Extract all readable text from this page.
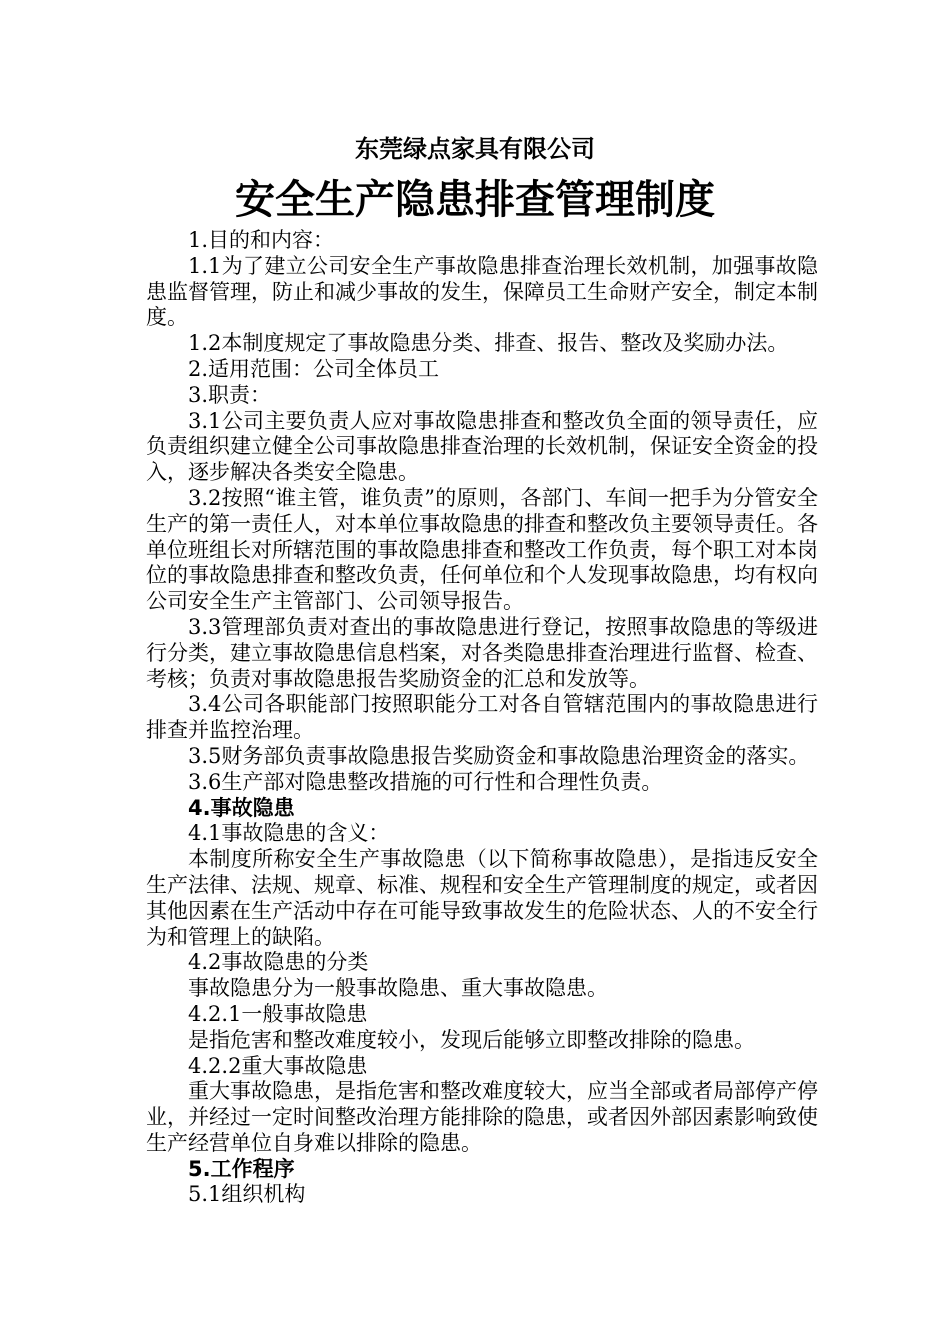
东莞绿点家具有限公司
安全生产隐患排查管理制度

1.目的和内容：

1.1为了建立公司安全生产事故隐患排查治理长效机制，加强事故隐患监督管理，防止和减少事故的发生，保障员工生命财产安全，制定本制度。

1.2本制度规定了事故隐患分类、排查、报告、整改及奖励办法。

2.适用范围：公司全体员工

3.职责：

3.1公司主要负责人应对事故隐患排查和整改负全面的领导责任，应负责组织建立健全公司事故隐患排查治理的长效机制，保证安全资金的投入，逐步解决各类安全隐患。

3.2按照“谁主管，谁负责”的原则，各部门、车间一把手为分管安全生产的第一责任人，对本单位事故隐患的排查和整改负主要领导责任。各单位班组长对所辖范围的事故隐患排查和整改工作负责，每个职工对本岗位的事故隐患排查和整改负责，任何单位和个人发现事故隐患，均有权向公司安全生产主管部门、公司领导报告。

3.3管理部负责对查出的事故隐患进行登记，按照事故隐患的等级进行分类，建立事故隐患信息档案，对各类隐患排查治理进行监督、检查、考核；负责对事故隐患报告奖励资金的汇总和发放等。

3.4公司各职能部门按照职能分工对各自管辖范围内的事故隐患进行排查并监控治理。

3.5财务部负责事故隐患报告奖励资金和事故隐患治理资金的落实。

3.6生产部对隐患整改措施的可行性和合理性负责。

4.事故隐患

4.1事故隐患的含义：

本制度所称安全生产事故隐患（以下简称事故隐患），是指违反安全生产法律、法规、规章、标准、规程和安全生产管理制度的规定，或者因其他因素在生产活动中存在可能导致事故发生的危险状态、人的不安全行为和管理上的缺陷。

4.2事故隐患的分类

事故隐患分为一般事故隐患、重大事故隐患。

4.2.1一般事故隐患

是指危害和整改难度较小，发现后能够立即整改排除的隐患。

4.2.2重大事故隐患

重大事故隐患，是指危害和整改难度较大，应当全部或者局部停产停业，并经过一定时间整改治理方能排除的隐患，或者因外部因素影响致使生产经营单位自身难以排除的隐患。

5.工作程序

5.1组织机构
